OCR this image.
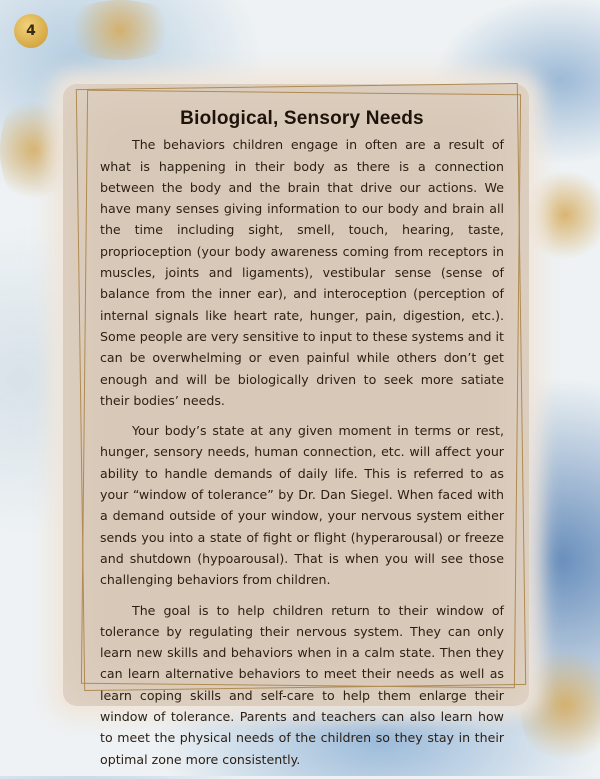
4
Biological, Sensory Needs

The behaviors children engage in often are a result of what is happening in their body as there is a connection between the body and the brain that drive our actions. We have many senses giving information to our body and brain all the time including sight, smell, touch, hearing, taste, proprioception (your body awareness coming from receptors in muscles, joints and ligaments), vestibular sense (sense of balance from the inner ear), and interoception (perception of internal signals like heart rate, hunger, pain, digestion, etc.). Some people are very sensitive to input to these systems and it can be overwhelming or even painful while others don’t get enough and will be biologically driven to seek more satiate their bodies’ needs.

Your body’s state at any given moment in terms or rest, hunger, sensory needs, human connection, etc. will affect your ability to handle demands of daily life. This is referred to as your “window of tolerance” by Dr. Dan Siegel. When faced with a demand outside of your window, your nervous system either sends you into a state of fight or flight (hyperarousal) or freeze and shutdown (hypoarousal). That is when you will see those challenging behaviors from children.

The goal is to help children return to their window of tolerance by regulating their nervous system. They can only learn new skills and behaviors when in a calm state. Then they can learn alternative behaviors to meet their needs as well as learn coping skills and self-care to help them enlarge their window of tolerance. Parents and teachers can also learn how to meet the physical needs of the children so they stay in their optimal zone more consistently.
